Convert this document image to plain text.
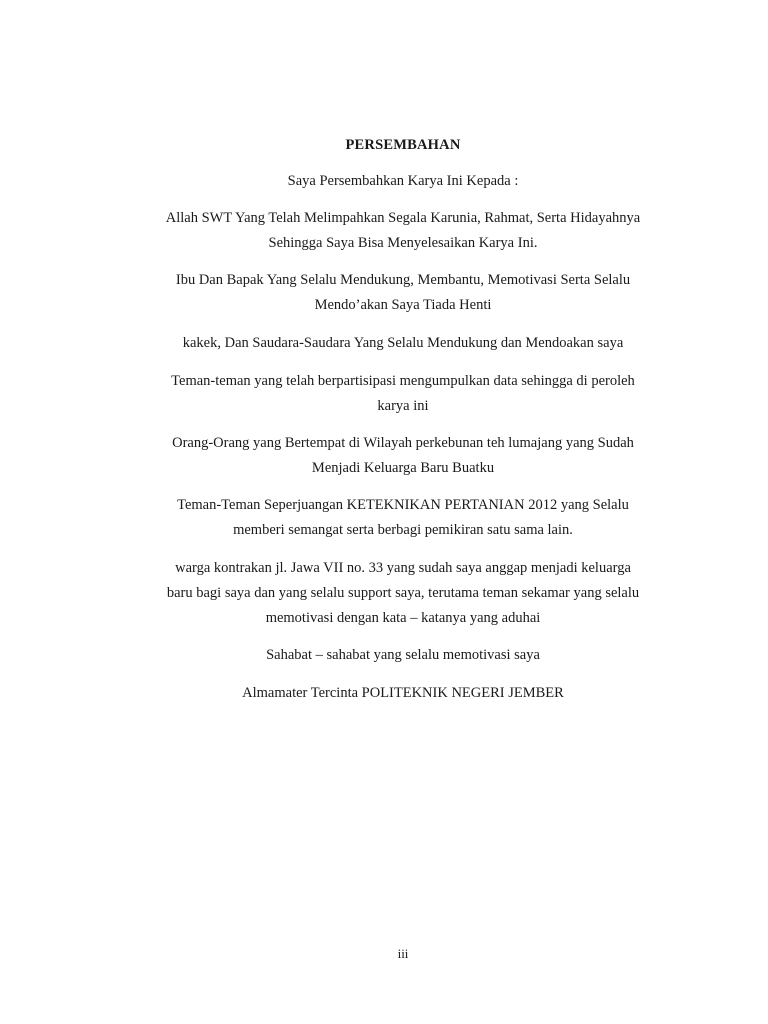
PERSEMBAHAN

Saya Persembahkan Karya Ini Kepada :

Allah SWT Yang Telah Melimpahkan Segala Karunia, Rahmat, Serta Hidayahnya

Sehingga Saya Bisa Menyelesaikan Karya Ini.

Ibu Dan Bapak Yang Selalu Mendukung, Membantu, Memotivasi Serta Selalu

Mendo’akan Saya Tiada Henti

kakek, Dan Saudara-Saudara Yang Selalu Mendukung dan Mendoakan saya

Teman-teman yang telah berpartisipasi mengumpulkan data sehingga di peroleh

karya ini

Orang-Orang yang Bertempat di Wilayah perkebunan teh lumajang yang Sudah

Menjadi Keluarga Baru Buatku

Teman-Teman Seperjuangan KETEKNIKAN PERTANIAN 2012 yang Selalu

memberi semangat serta berbagi pemikiran satu sama lain.

warga kontrakan jl. Jawa VII no. 33 yang sudah saya anggap menjadi keluarga

baru bagi saya dan yang selalu support saya, terutama teman sekamar yang selalu

memotivasi dengan kata – katanya yang aduhai

Sahabat – sahabat yang selalu memotivasi saya

Almamater Tercinta POLITEKNIK NEGERI JEMBER

iii
